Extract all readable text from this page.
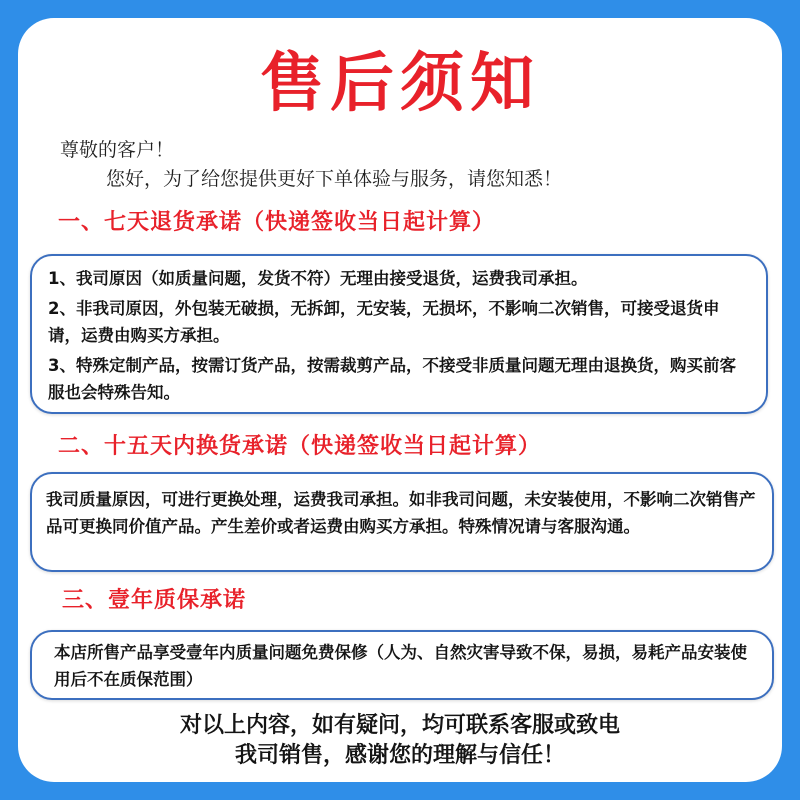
售后须知
尊敬的客户！
您好，为了给您提供更好下单体验与服务，请您知悉！
一、七天退货承诺（快递签收当日起计算）

1、我司原因（如质量问题，发货不符）无理由接受退货，运费我司承担。

2、非我司原因，外包装无破损，无拆卸，无安装，无损坏，不影响二次销售，可接受退货申请，运费由购买方承担。

3、特殊定制产品，按需订货产品，按需裁剪产品，不接受非质量问题无理由退换货，购买前客服也会特殊告知。

二、十五天内换货承诺（快递签收当日起计算）

我司质量原因，可进行更换处理，运费我司承担。如非我司问题，未安装使用，不影响二次销售产品可更换同价值产品。产生差价或者运费由购买方承担。特殊情况请与客服沟通。

三、壹年质保承诺

本店所售产品享受壹年内质量问题免费保修（人为、自然灾害导致不保，易损，易耗产品安装使用后不在质保范围）

对以上内容，如有疑问，均可联系客服或致电
我司销售，感谢您的理解与信任！
